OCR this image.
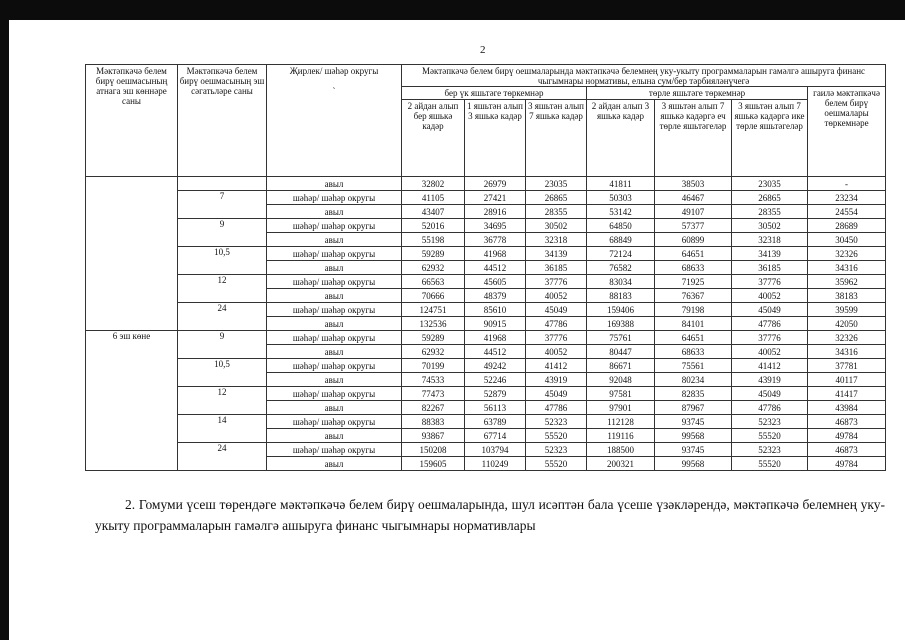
2
Мәктәпкәчә белем бирү оешмасының атнага эш көннәре саны	Мәктәпкәчә белем бирү оешмасының эш сәгатьләре саны	Җирлек/ шәһәр округы

`	Мәктәпкәчә белем бирү оешмаларында мәктәпкәчә белемнең уку-укыту программаларын гамәлгә ашыруга финанс чыгымнары нормативы, елына сум/бер тәрбияләнүчегә						
			бер үк яшьтәге төркемнәр			төрле яшьтәге төркемнәр			гаилә мәктәпкәчә белем бирү оешмалары төркемнәре
			2 айдан алып бер яшькә кадәр	1 яшьтән алып 3 яшькә кадәр	3 яшьтән алып 7 яшькә кадәр	2 айдан алып 3 яшькә кадәр	3 яшьтән алып 7 яшькә кадәргә еч төрле яшьтәгеләр	3 яшьтән алып 7 яшькә кадәргә ике төрле яшьтәгеләр	
		авыл	32802	26979	23035	41811	38503	23035	-
	7	шәһәр/ шәһәр округы	41105	27421	26865	50303	46467	26865	23234
		авыл	43407	28916	28355	53142	49107	28355	24554
	9	шәһәр/ шәһәр округы	52016	34695	30502	64850	57377	30502	28689
		авыл	55198	36778	32318	68849	60899	32318	30450
	10,5	шәһәр/ шәһәр округы	59289	41968	34139	72124	64651	34139	32326
		авыл	62932	44512	36185	76582	68633	36185	34316
	12	шәһәр/ шәһәр округы	66563	45605	37776	83034	71925	37776	35962
		авыл	70666	48379	40052	88183	76367	40052	38183
	24	шәһәр/ шәһәр округы	124751	85610	45049	159406	79198	45049	39599
		авыл	132536	90915	47786	169388	84101	47786	42050
6 эш көне	9	шәһәр/ шәһәр округы	59289	41968	37776	75761	64651	37776	32326
		авыл	62932	44512	40052	80447	68633	40052	34316
	10,5	шәһәр/ шәһәр округы	70199	49242	41412	86671	75561	41412	37781
		авыл	74533	52246	43919	92048	80234	43919	40117
	12	шәһәр/ шәһәр округы	77473	52879	45049	97581	82835	45049	41417
		авыл	82267	56113	47786	97901	87967	47786	43984
	14	шәһәр/ шәһәр округы	88383	63789	52323	112128	93745	52323	46873
		авыл	93867	67714	55520	119116	99568	55520	49784
	24	шәһәр/ шәһәр округы	150208	103794	52323	188500	93745	52323	46873
		авыл	159605	110249	55520	200321	99568	55520	49784
2. Гомуми үсеш төрендәге мәктәпкәчә белем бирү оешмаларында, шул исәптән бала үсеше үзәкләрендә, мәктәпкәчә белемнең уку-укыту программаларын гамәлгә ашыруга финанс чыгымнары нормативлары
